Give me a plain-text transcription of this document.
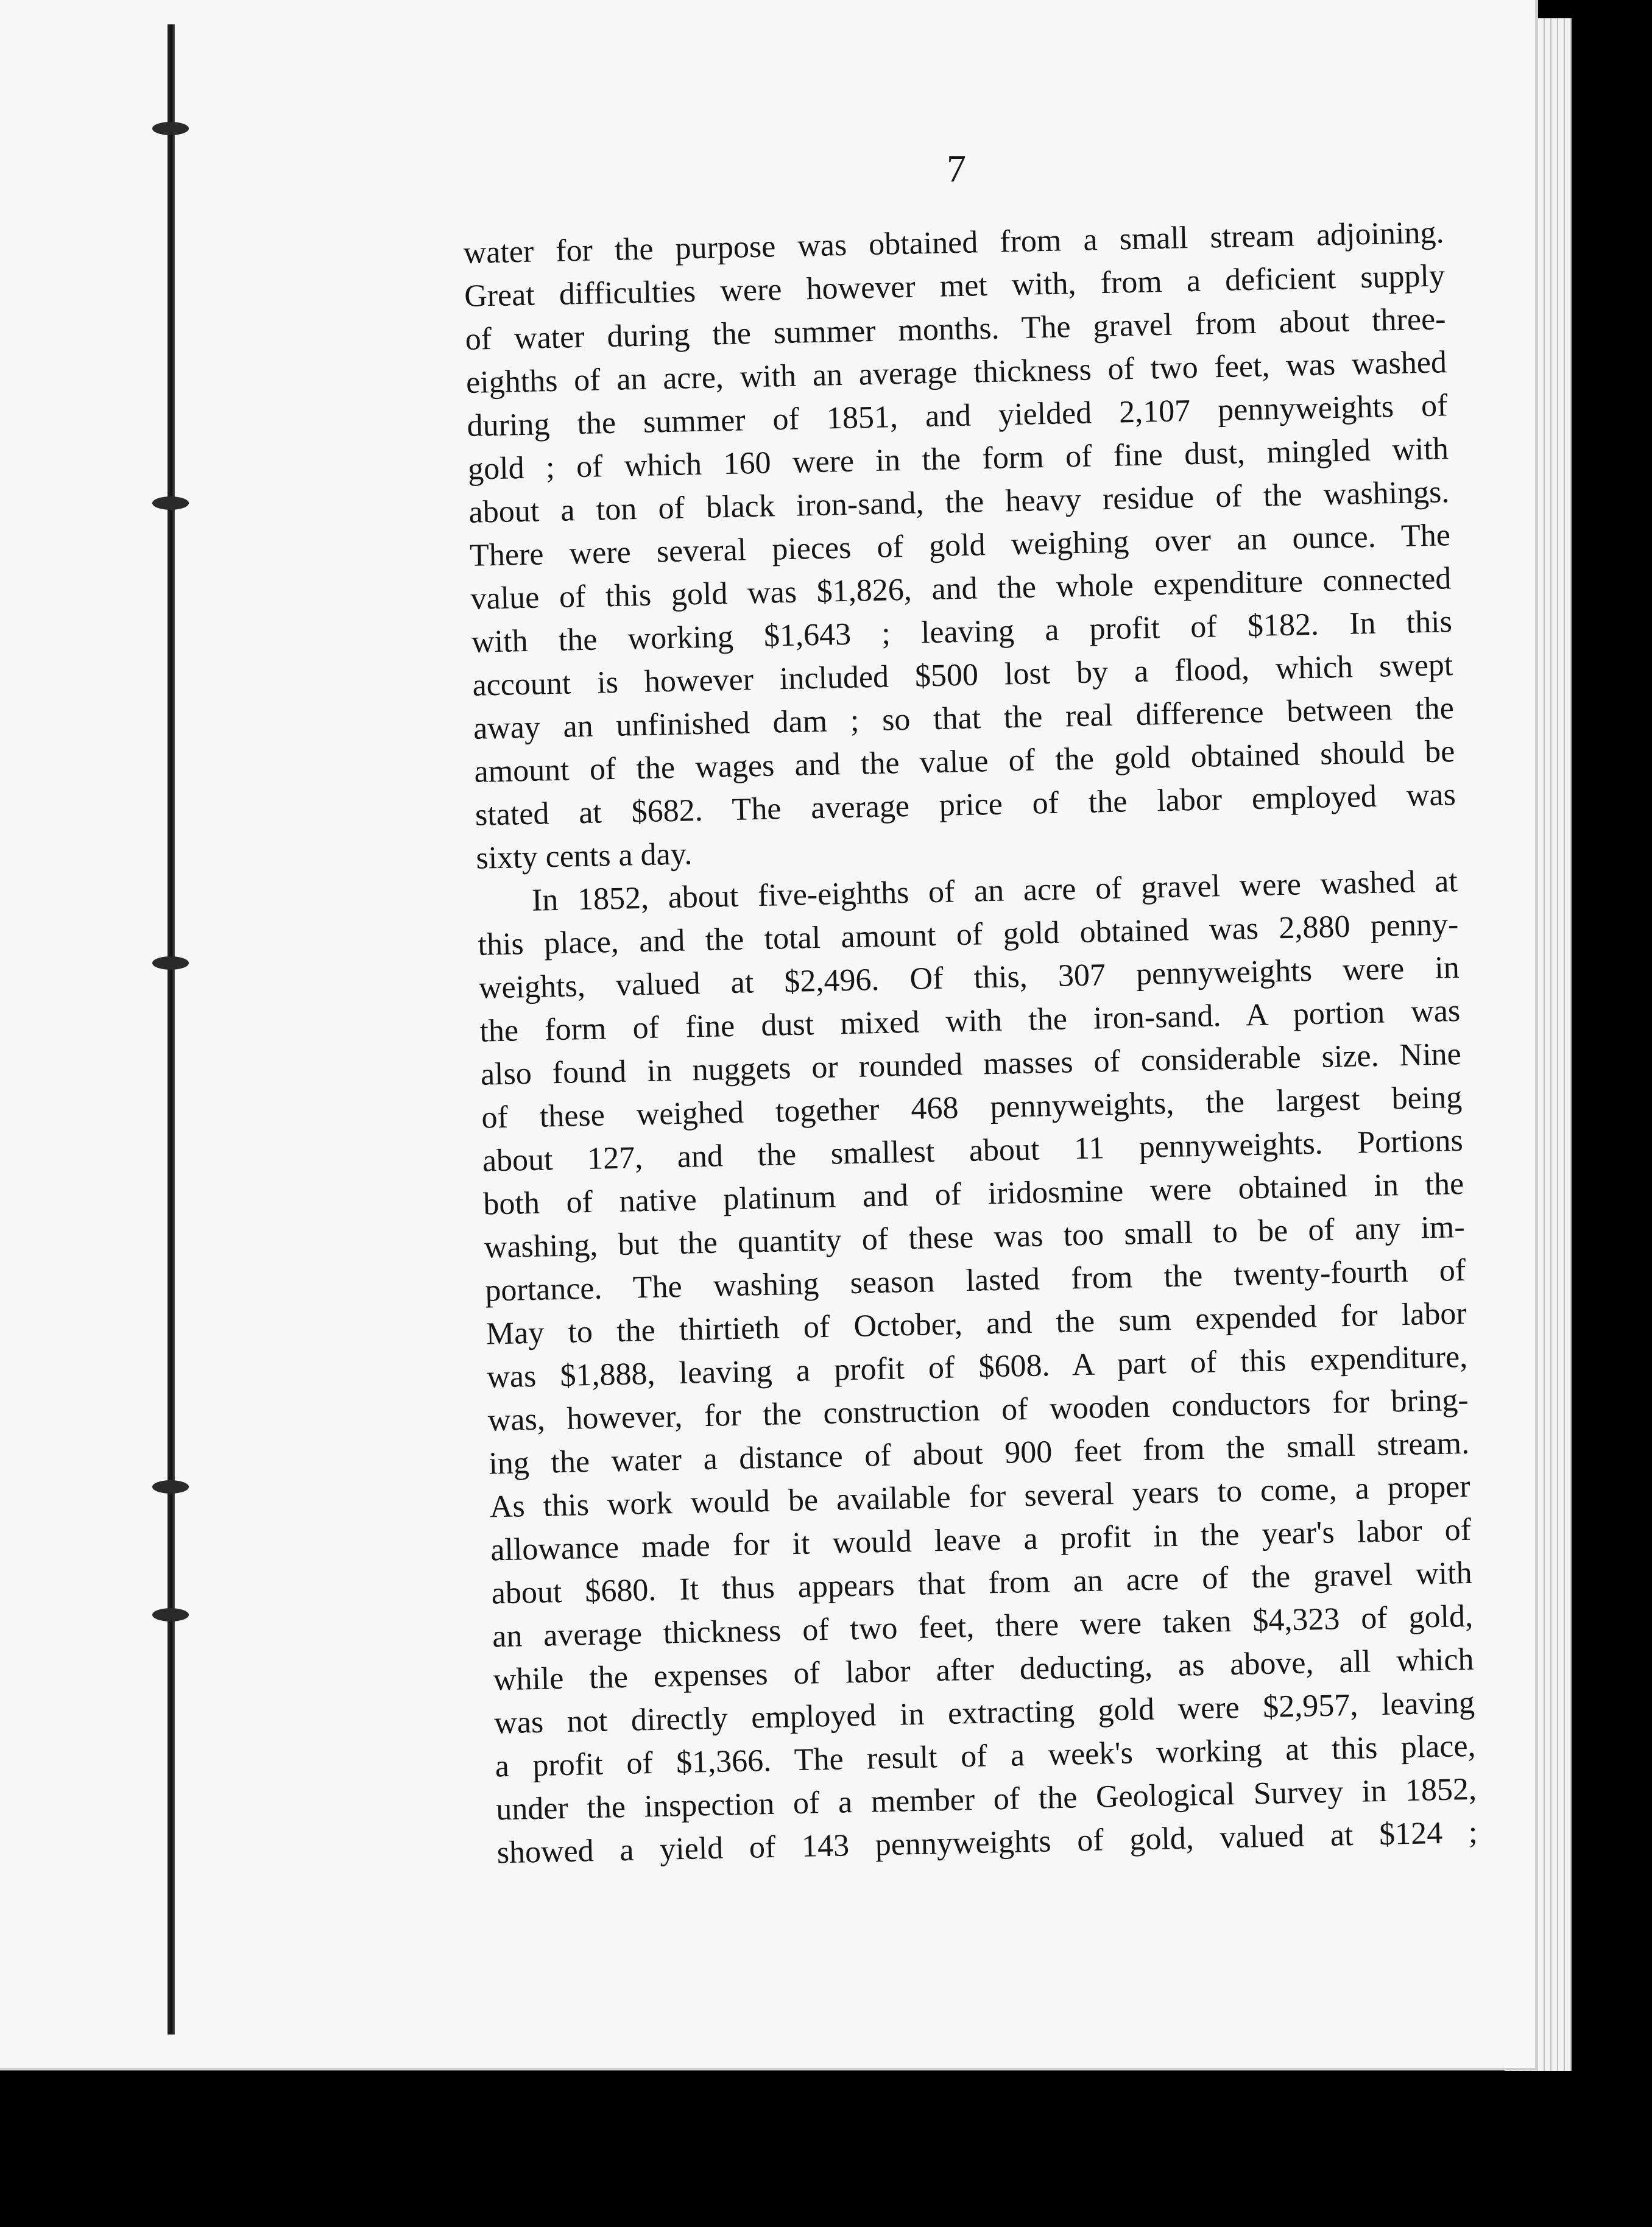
7
water for the purpose was obtained from a small stream adjoining.
Great difficulties were however met with, from a deficient supply
of water during the summer months. The gravel from about three-
eighths of an acre, with an average thickness of two feet, was washed
during the summer of 1851, and yielded 2,107 pennyweights of
gold ; of which 160 were in the form of fine dust, mingled with
about a ton of black iron-sand, the heavy residue of the washings.
There were several pieces of gold weighing over an ounce. The
value of this gold was $1,826, and the whole expenditure connected
with the working $1,643 ; leaving a profit of $182. In this
account is however included $500 lost by a flood, which swept
away an unfinished dam ; so that the real difference between the
amount of the wages and the value of the gold obtained should be
stated at $682. The average price of the labor employed was
sixty cents a day.
In 1852, about five-eighths of an acre of gravel were washed at
this place, and the total amount of gold obtained was 2,880 penny-
weights, valued at $2,496. Of this, 307 pennyweights were in
the form of fine dust mixed with the iron-sand. A portion was
also found in nuggets or rounded masses of considerable size. Nine
of these weighed together 468 pennyweights, the largest being
about 127, and the smallest about 11 pennyweights. Portions
both of native platinum and of iridosmine were obtained in the
washing, but the quantity of these was too small to be of any im-
portance. The washing season lasted from the twenty-fourth of
May to the thirtieth of October, and the sum expended for labor
was $1,888, leaving a profit of $608. A part of this expenditure,
was, however, for the construction of wooden conductors for bring-
ing the water a distance of about 900 feet from the small stream.
As this work would be available for several years to come, a proper
allowance made for it would leave a profit in the year's labor of
about $680. It thus appears that from an acre of the gravel with
an average thickness of two feet, there were taken $4,323 of gold,
while the expenses of labor after deducting, as above, all which
was not directly employed in extracting gold were $2,957, leaving
a profit of $1,366. The result of a week's working at this place,
under the inspection of a member of the Geological Survey in 1852,
showed a yield of 143 pennyweights of gold, valued at $124 ;
